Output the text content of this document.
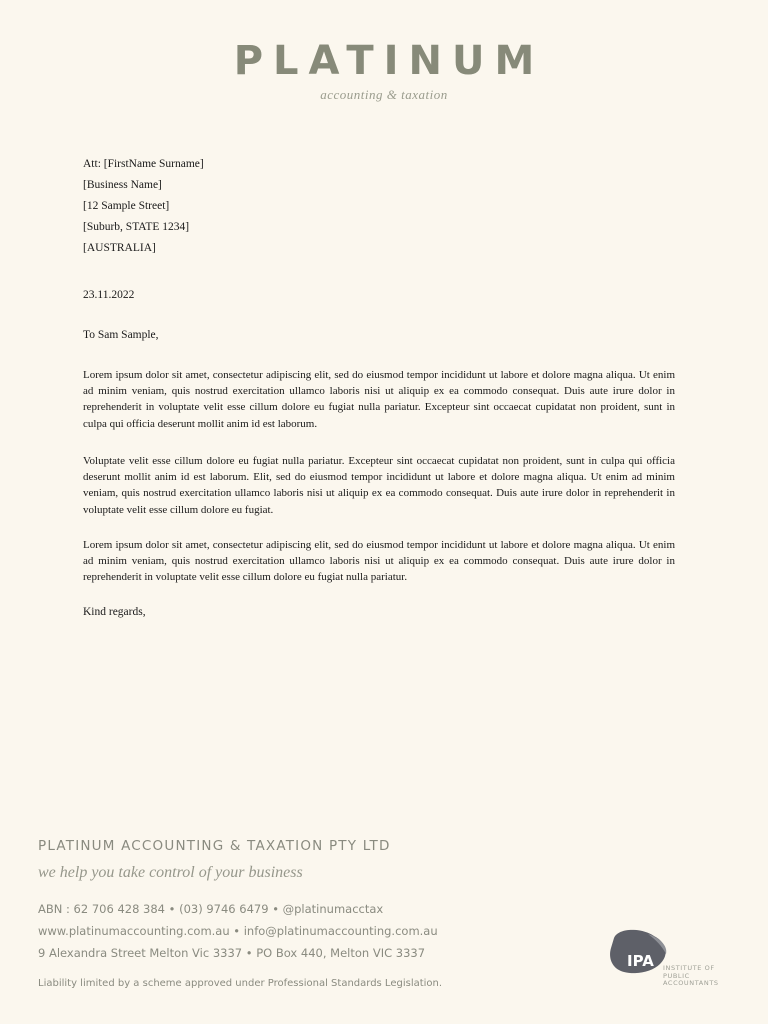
PLATINUM
accounting & taxation
Att: [FirstName Surname]
[Business Name]
[12 Sample Street]
[Suburb, STATE 1234]
[AUSTRALIA]
23.11.2022
To Sam Sample,
Lorem ipsum dolor sit amet, consectetur adipiscing elit, sed do eiusmod tempor incididunt ut labore et dolore magna aliqua. Ut enim ad minim veniam, quis nostrud exercitation ullamco laboris nisi ut aliquip ex ea commodo consequat. Duis aute irure dolor in reprehenderit in voluptate velit esse cillum dolore eu fugiat nulla pariatur. Excepteur sint occaecat cupidatat non proident, sunt in culpa qui officia deserunt mollit anim id est laborum.
Voluptate velit esse cillum dolore eu fugiat nulla pariatur. Excepteur sint occaecat cupidatat non proident, sunt in culpa qui officia deserunt mollit anim id est laborum. Elit, sed do eiusmod tempor incididunt ut labore et dolore magna aliqua. Ut enim ad minim veniam, quis nostrud exercitation ullamco laboris nisi ut aliquip ex ea commodo consequat. Duis aute irure dolor in reprehenderit in voluptate velit esse cillum dolore eu fugiat.
Lorem ipsum dolor sit amet, consectetur adipiscing elit, sed do eiusmod tempor incididunt ut labore et dolore magna aliqua. Ut enim ad minim veniam, quis nostrud exercitation ullamco laboris nisi ut aliquip ex ea commodo consequat. Duis aute irure dolor in reprehenderit in voluptate velit esse cillum dolore eu fugiat nulla pariatur.
Kind regards,
PLATINUM ACCOUNTING & TAXATION PTY LTD
we help you take control of your business
ABN : 62 706 428 384 • (03) 9746 6479 • @platinumacctax
www.platinumaccounting.com.au • info@platinumaccounting.com.au
9 Alexandra Street Melton Vic 3337 • PO Box 440, Melton VIC 3337
Liability limited by a scheme approved under Professional Standards Legislation.
IPA INSTITUTE OF
PUBLIC
ACCOUNTANTS
